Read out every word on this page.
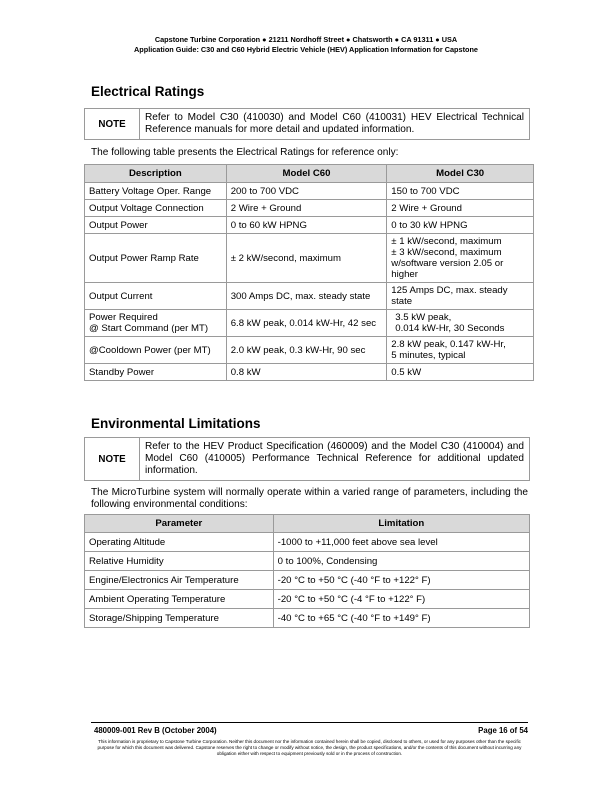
Capstone Turbine Corporation ● 21211 Nordhoff Street ● Chatsworth ● CA 91311 ● USA
Application Guide: C30 and C60 Hybrid Electric Vehicle (HEV) Application Information for Capstone
Electrical Ratings
NOTE
Refer to Model C30 (410030) and Model C60 (410031) HEV Electrical Technical Reference manuals for more detail and updated information.
The following table presents the Electrical Ratings for reference only:
Description	Model C60	Model C30
Battery Voltage Oper. Range	200 to 700 VDC	150 to 700 VDC
Output Voltage Connection	2 Wire + Ground	2 Wire + Ground
Output Power	0 to 60 kW HPNG	0 to 30 kW HPNG
Output Power Ramp Rate	± 2 kW/second, maximum	± 1 kW/second, maximum
± 3 kW/second, maximum w/software version 2.05 or higher
Output Current	300 Amps DC, max. steady state	125 Amps DC, max. steady state
Power Required
@ Start Command (per MT)	6.8 kW peak, 0.014 kW-Hr, 42 sec	3.5 kW peak,
0.014 kW-Hr, 30 Seconds
@Cooldown Power (per MT)	2.0 kW peak, 0.3 kW-Hr, 90 sec	2.8 kW peak, 0.147 kW-Hr,
5 minutes, typical
Standby Power	0.8 kW	0.5 kW
Environmental Limitations
NOTE
Refer to the HEV Product Specification (460009) and the Model C30 (410004) and Model C60 (410005) Performance Technical Reference for additional updated information.
The MicroTurbine system will normally operate within a varied range of parameters, including the following environmental conditions:
Parameter	Limitation
Operating Altitude	-1000 to +11,000 feet above sea level
Relative Humidity	0 to 100%, Condensing
Engine/Electronics Air Temperature	-20 °C to +50 °C (-40 °F to +122° F)
Ambient Operating Temperature	-20 °C to +50 °C (-4 °F to +122° F)
Storage/Shipping Temperature	-40 °C to +65 °C (-40 °F to +149° F)
480009-001 Rev B (October 2004)	Page 16 of 54
This information is proprietary to Capstone Turbine Corporation. Neither this document nor the information contained herein shall be copied, disclosed to others, or used for any purposes other than the specific purpose for which this document was delivered. Capstone reserves the right to change or modify without notice, the design, the product specifications, and/or the contents of this document without incurring any obligation either with respect to equipment previously sold or in the process of construction.
